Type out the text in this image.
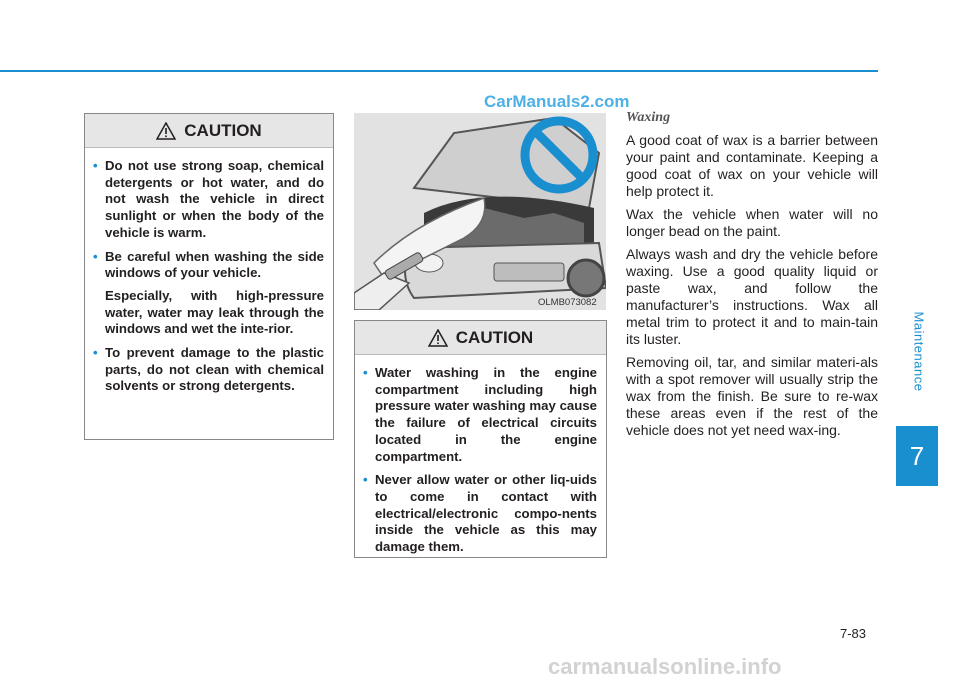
Maintenance
7
CarManuals2.com
CAUTION
• Do not use strong soap, chemical detergents or hot water, and do not wash the vehicle in direct sunlight or when the body of the vehicle is warm.
• Be careful when washing the side windows of your vehicle.

Especially, with high-pressure water, water may leak through the windows and wet the inte-rior.

• To prevent damage to the plastic parts, do not clean with chemical solvents or strong detergents.
OLMB073082
CAUTION
• Water washing in the engine compartment including high pressure water washing may cause the failure of electrical circuits located in the engine compartment.
• Never allow water or other liq-uids to come in contact with electrical/electronic compo-nents inside the vehicle as this may damage them.
Waxing

A good coat of wax is a barrier between your paint and contaminate. Keeping a good coat of wax on your vehicle will help protect it.

Wax the vehicle when water will no longer bead on the paint.

Always wash and dry the vehicle before waxing. Use a good quality liquid or paste wax, and follow the manufacturer’s instructions. Wax all metal trim to protect it and to main-tain its luster.

Removing oil, tar, and similar materi-als with a spot remover will usually strip the wax from the finish. Be sure to re-wax these areas even if the rest of the vehicle does not yet need wax-ing.

7-83
carmanualsonline.info
